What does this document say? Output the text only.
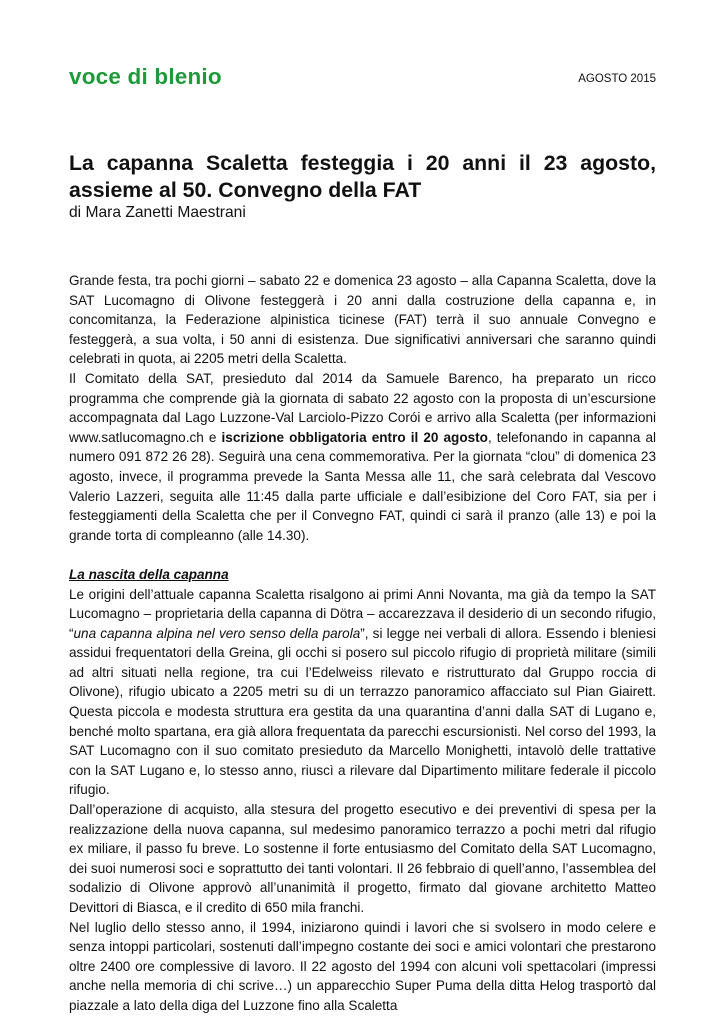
voce di blenio	AGOSTO 2015
La capanna Scaletta festeggia i 20 anni il 23 agosto,
assieme al 50. Convegno della FAT
di Mara Zanetti Maestrani

Grande festa, tra pochi giorni – sabato 22 e domenica 23 agosto – alla Capanna Scaletta, dove la SAT Lucomagno di Olivone festeggerà i 20 anni dalla costruzione della capanna e, in concomitanza, la Federazione alpinistica ticinese (FAT) terrà il suo annuale Convegno e festeggerà, a sua volta, i 50 anni di esistenza. Due significativi anniversari che saranno quindi celebrati in quota, ai 2205 metri della Scaletta.

Il Comitato della SAT, presieduto dal 2014 da Samuele Barenco, ha preparato un ricco programma che comprende già la giornata di sabato 22 agosto con la proposta di un’escursione accompagnata dal Lago Luzzone-Val Larciolo-Pizzo Corói e arrivo alla Scaletta (per informazioni www.satlucomagno.ch e iscrizione obbligatoria entro il 20 agosto, telefonando in capanna al numero 091 872 26 28). Seguirà una cena commemorativa. Per la giornata “clou” di domenica 23 agosto, invece, il programma prevede la Santa Messa alle 11, che sarà celebrata dal Vescovo Valerio Lazzeri, seguita alle 11:45 dalla parte ufficiale e dall’esibizione del Coro FAT, sia per i festeggiamenti della Scaletta che per il Convegno FAT, quindi ci sarà il pranzo (alle 13) e poi la grande torta di compleanno (alle 14.30).

La nascita della capanna

Le origini dell’attuale capanna Scaletta risalgono ai primi Anni Novanta, ma già da tempo la SAT Lucomagno – proprietaria della capanna di Dötra – accarezzava il desiderio di un secondo rifugio, “una capanna alpina nel vero senso della parola”, si legge nei verbali di allora. Essendo i bleniesi assidui frequentatori della Greina, gli occhi si posero sul piccolo rifugio di proprietà militare (simili ad altri situati nella regione, tra cui l’Edelweiss rilevato e ristrutturato dal Gruppo roccia di Olivone), rifugio ubicato a 2205 metri su di un terrazzo panoramico affacciato sul Pian Giairett. Questa piccola e modesta struttura era gestita da una quarantina d’anni dalla SAT di Lugano e, benché molto spartana, era già allora frequentata da parecchi escursionisti. Nel corso del 1993, la SAT Lucomagno con il suo comitato presieduto da Marcello Monighetti, intavolò delle trattative con la SAT Lugano e, lo stesso anno, riuscì a rilevare dal Dipartimento militare federale il piccolo rifugio.

Dall’operazione di acquisto, alla stesura del progetto esecutivo e dei preventivi di spesa per la realizzazione della nuova capanna, sul medesimo panoramico terrazzo a pochi metri dal rifugio ex miliare, il passo fu breve. Lo sostenne il forte entusiasmo del Comitato della SAT Lucomagno, dei suoi numerosi soci e soprattutto dei tanti volontari. Il 26 febbraio di quell’anno, l’assemblea del sodalizio di Olivone approvò all’unanimità il progetto, firmato dal giovane architetto Matteo Devittori di Biasca, e il credito di 650 mila franchi.

Nel luglio dello stesso anno, il 1994, iniziarono quindi i lavori che si svolsero in modo celere e senza intoppi particolari, sostenuti dall’impegno costante dei soci e amici volontari che prestarono oltre 2400 ore complessive di lavoro. Il 22 agosto del 1994 con alcuni voli spettacolari (impressi anche nella memoria di chi scrive…) un apparecchio Super Puma della ditta Helog trasportò dal piazzale a lato della diga del Luzzone fino alla Scaletta
